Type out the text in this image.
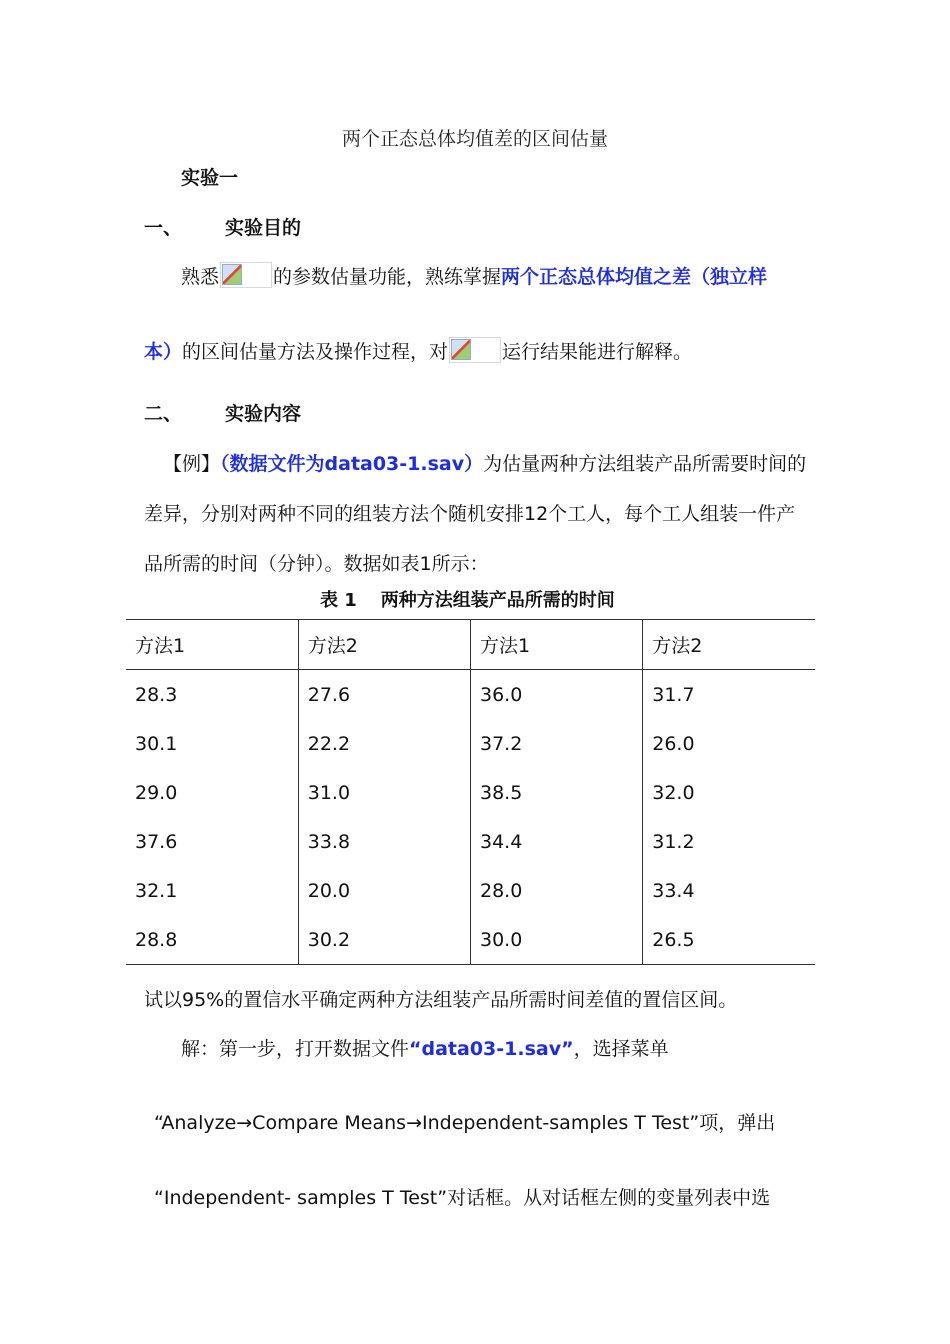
两个正态总体均值差的区间估量
实验一
一、 实验目的
熟悉	的参数估量功能，熟练掌握两个正态总体均值之差（独立样
本）的区间估量方法及操作过程，对	运行结果能进行解释。
二、 实验内容
【例】（数据文件为data03-1.sav）为估量两种方法组装产品所需要时间的
差异，分别对两种不同的组装方法个随机安排12个工人，每个工人组装一件产
品所需的时间（分钟）。数据如表1所示：
表 1 两种方法组装产品所需的时间
方法1	方法2	方法1	方法2
28.3	27.6	36.0	31.7
30.1	22.2	37.2	26.0
29.0	31.0	38.5	32.0
37.6	33.8	34.4	31.2
32.1	20.0	28.0	33.4
28.8	30.2	30.0	26.5
试以95%的置信水平确定两种方法组装产品所需时间差值的置信区间。
解：第一步，打开数据文件“data03-1.sav”，选择菜单
“Analyze→Compare Means→Independent-samples T Test”项，弹出
“Independent- samples T Test”对话框。从对话框左侧的变量列表中选
